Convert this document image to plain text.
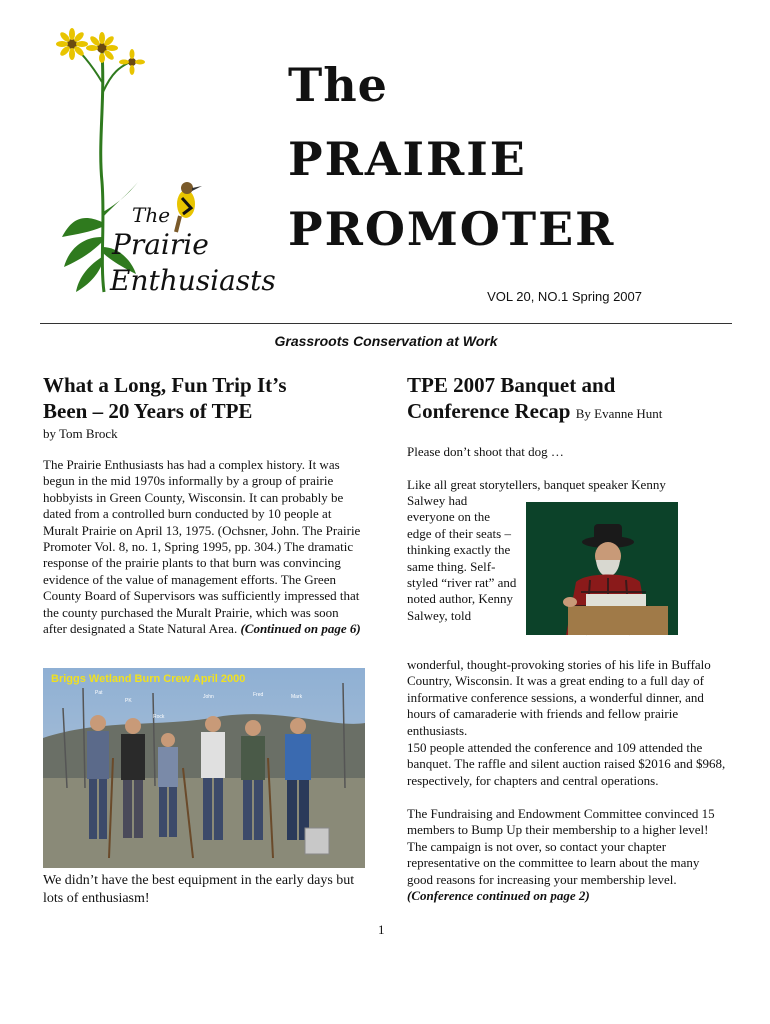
The
Prairie
Enthusiasts
The
PRAIRIE
PROMOTER
VOL 20, NO.1 Spring 2007
Grassroots Conservation at Work
What a Long, Fun Trip It’s
Been – 20 Years of TPE
by Tom Brock
The Prairie Enthusiasts has had a complex history. It was begun in the mid 1970s informally by a group of prairie hobbyists in Green County, Wisconsin. It can probably be dated from a controlled burn conducted by 10 people at Muralt Prairie on April 13, 1975. (Ochsner, John. The Prairie Promoter Vol. 8, no. 1, Spring 1995, pp. 304.) The dramatic response of the prairie plants to that burn was convincing evidence of the value of management efforts. The Green County Board of Supervisors was sufficiently impressed that the county purchased the Muralt Prairie, which was soon after designated a State Natural Area. (Continued on page 6)
Briggs Wetland Burn Crew April 2000
Pat
PK
John	Fred	Mark
Rock
We didn’t have the best equipment in the early days but lots of enthusiasm!
TPE 2007 Banquet and
Conference Recap By Evanne Hunt
Please don’t shoot that dog …
Like all great storytellers, banquet speaker Kenny
Salwey had everyone on the edge of their seats – thinking exactly the same thing. Self-styled “river rat” and noted author, Kenny Salwey, told
wonderful, thought-provoking stories of his life in Buffalo Country, Wisconsin. It was a great ending to a full day of informative conference sessions, a wonderful dinner, and hours of camaraderie with friends and fellow prairie enthusiasts.
150 people attended the conference and 109 attended the banquet. The raffle and silent auction raised $2016 and $968, respectively, for chapters and central operations.
The Fundraising and Endowment Committee convinced 15 members to Bump Up their membership to a higher level! The campaign is not over, so contact your chapter representative on the committee to learn about the many good reasons for increasing your membership level. (Conference continued on page 2)
1
